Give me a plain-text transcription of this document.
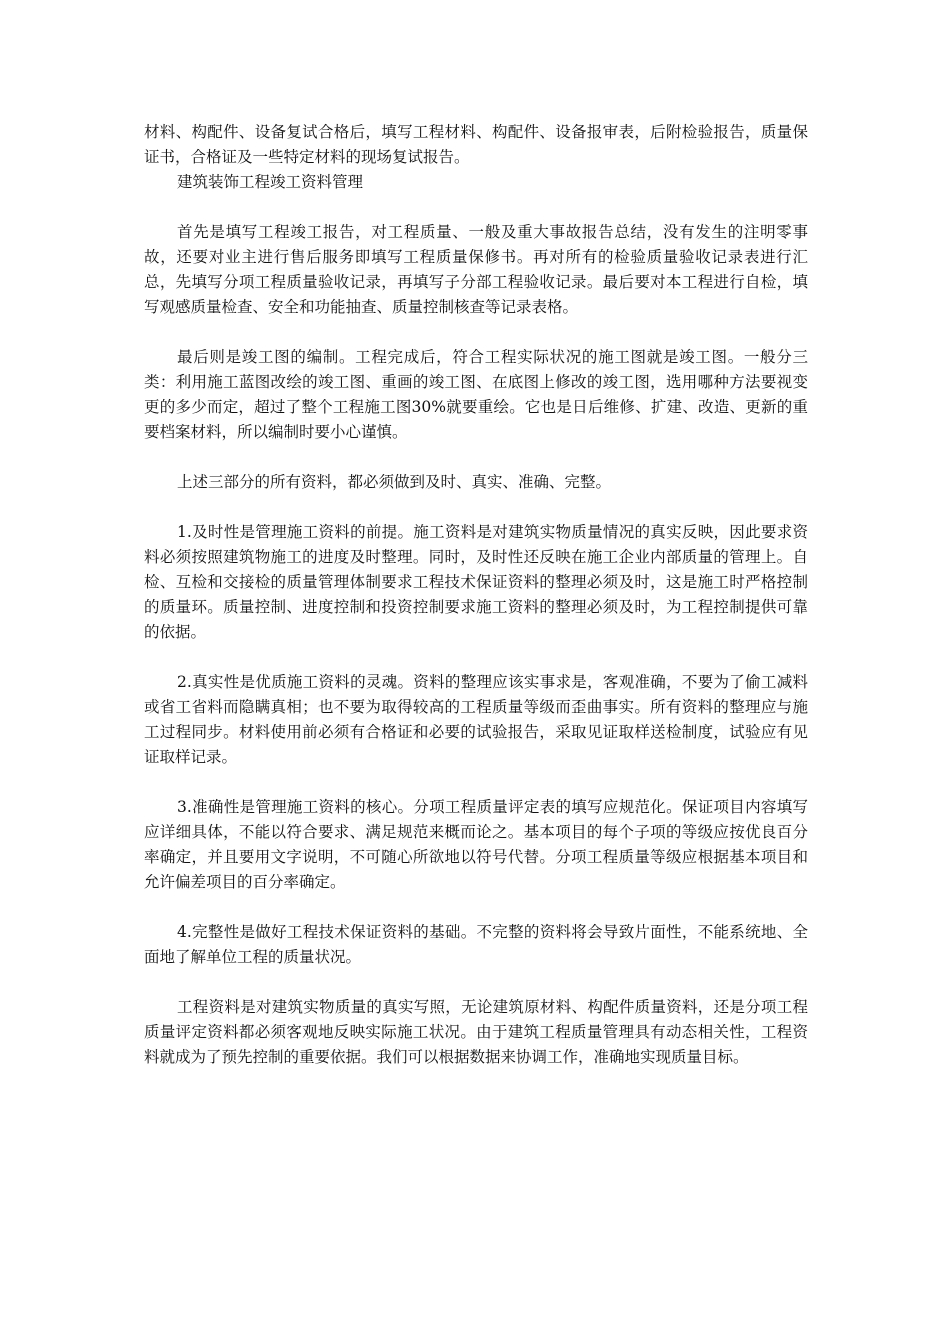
材料、构配件、设备复试合格后，填写工程材料、构配件、设备报审表，后附检验报告，质量保证书，合格证及一些特定材料的现场复试报告。

建筑装饰工程竣工资料管理

首先是填写工程竣工报告，对工程质量、一般及重大事故报告总结，没有发生的注明零事故，还要对业主进行售后服务即填写工程质量保修书。再对所有的检验质量验收记录表进行汇总，先填写分项工程质量验收记录，再填写子分部工程验收记录。最后要对本工程进行自检，填写观感质量检查、安全和功能抽查、质量控制核查等记录表格。

最后则是竣工图的编制。工程完成后，符合工程实际状况的施工图就是竣工图。一般分三类：利用施工蓝图改绘的竣工图、重画的竣工图、在底图上修改的竣工图，选用哪种方法要视变更的多少而定，超过了整个工程施工图30%就要重绘。它也是日后维修、扩建、改造、更新的重要档案材料，所以编制时要小心谨慎。

上述三部分的所有资料，都必须做到及时、真实、准确、完整。

1.及时性是管理施工资料的前提。施工资料是对建筑实物质量情况的真实反映，因此要求资料必须按照建筑物施工的进度及时整理。同时，及时性还反映在施工企业内部质量的管理上。自检、互检和交接检的质量管理体制要求工程技术保证资料的整理必须及时，这是施工时严格控制的质量环。质量控制、进度控制和投资控制要求施工资料的整理必须及时，为工程控制提供可靠的依据。

2.真实性是优质施工资料的灵魂。资料的整理应该实事求是，客观准确，不要为了偷工减料或省工省料而隐瞒真相；也不要为取得较高的工程质量等级而歪曲事实。所有资料的整理应与施工过程同步。材料使用前必须有合格证和必要的试验报告，采取见证取样送检制度，试验应有见证取样记录。

3.准确性是管理施工资料的核心。分项工程质量评定表的填写应规范化。保证项目内容填写应详细具体，不能以符合要求、满足规范来概而论之。基本项目的每个子项的等级应按优良百分率确定，并且要用文字说明，不可随心所欲地以符号代替。分项工程质量等级应根据基本项目和允许偏差项目的百分率确定。

4.完整性是做好工程技术保证资料的基础。不完整的资料将会导致片面性，不能系统地、全面地了解单位工程的质量状况。

工程资料是对建筑实物质量的真实写照，无论建筑原材料、构配件质量资料，还是分项工程质量评定资料都必须客观地反映实际施工状况。由于建筑工程质量管理具有动态相关性，工程资料就成为了预先控制的重要依据。我们可以根据数据来协调工作，准确地实现质量目标。
